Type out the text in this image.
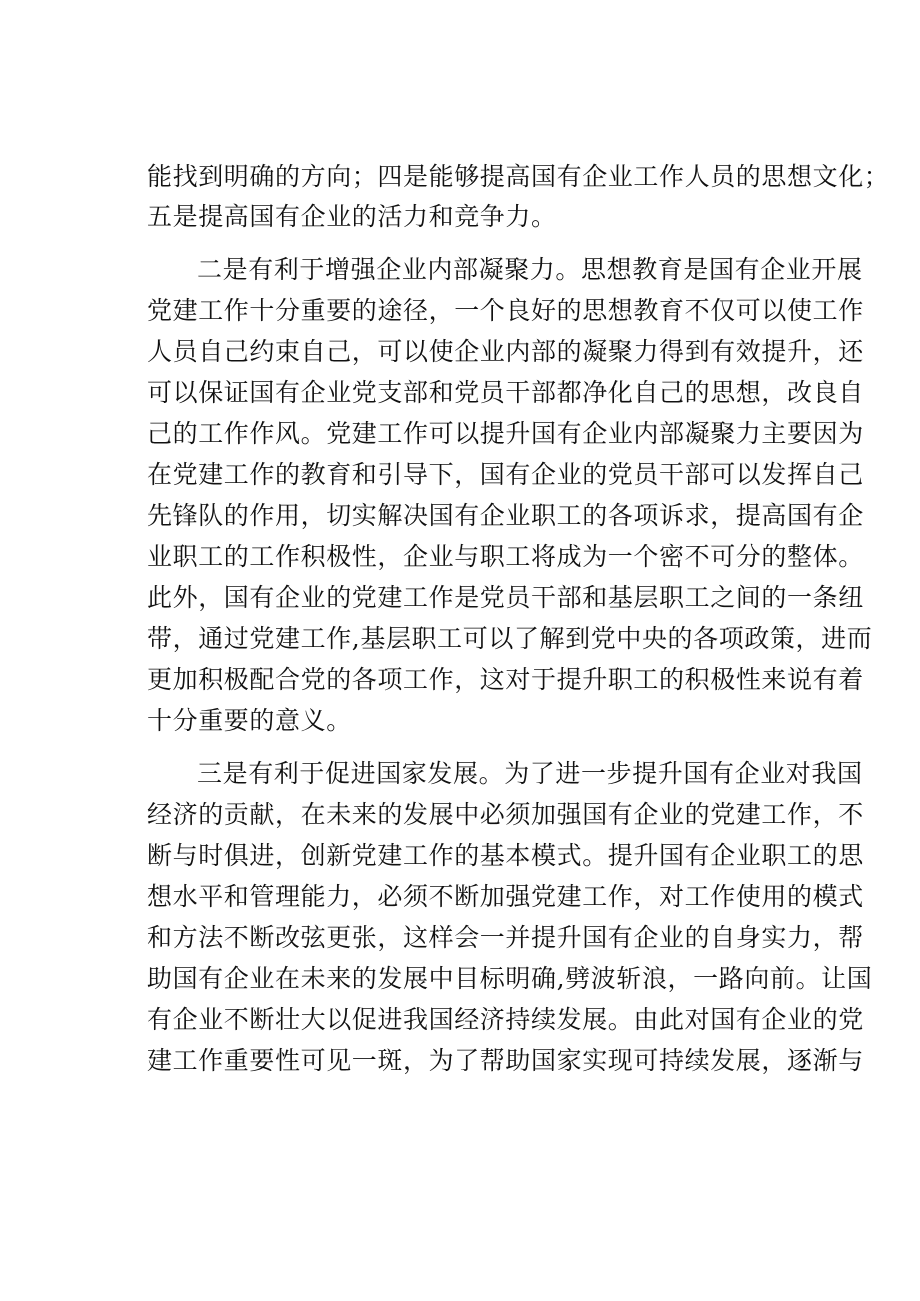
能找到明确的方向；四是能够提高国有企业工作人员的思想文化；
五是提高国有企业的活力和竞争力。
二是有利于增强企业内部凝聚力。思想教育是国有企业开展
党建工作十分重要的途径，一个良好的思想教育不仅可以使工作
人员自己约束自己，可以使企业内部的凝聚力得到有效提升，还
可以保证国有企业党支部和党员干部都净化自己的思想，改良自
己的工作作风。党建工作可以提升国有企业内部凝聚力主要因为
在党建工作的教育和引导下，国有企业的党员干部可以发挥自己
先锋队的作用，切实解决国有企业职工的各项诉求，提高国有企
业职工的工作积极性，企业与职工将成为一个密不可分的整体。
此外，国有企业的党建工作是党员干部和基层职工之间的一条纽
带，通过党建工作,基层职工可以了解到党中央的各项政策，进而
更加积极配合党的各项工作，这对于提升职工的积极性来说有着
十分重要的意义。
三是有利于促进国家发展。为了进一步提升国有企业对我国
经济的贡献，在未来的发展中必须加强国有企业的党建工作，不
断与时俱进，创新党建工作的基本模式。提升国有企业职工的思
想水平和管理能力，必须不断加强党建工作，对工作使用的模式
和方法不断改弦更张，这样会一并提升国有企业的自身实力，帮
助国有企业在未来的发展中目标明确,劈波斩浪，一路向前。让国
有企业不断壮大以促进我国经济持续发展。由此对国有企业的党
建工作重要性可见一斑，为了帮助国家实现可持续发展，逐渐与
